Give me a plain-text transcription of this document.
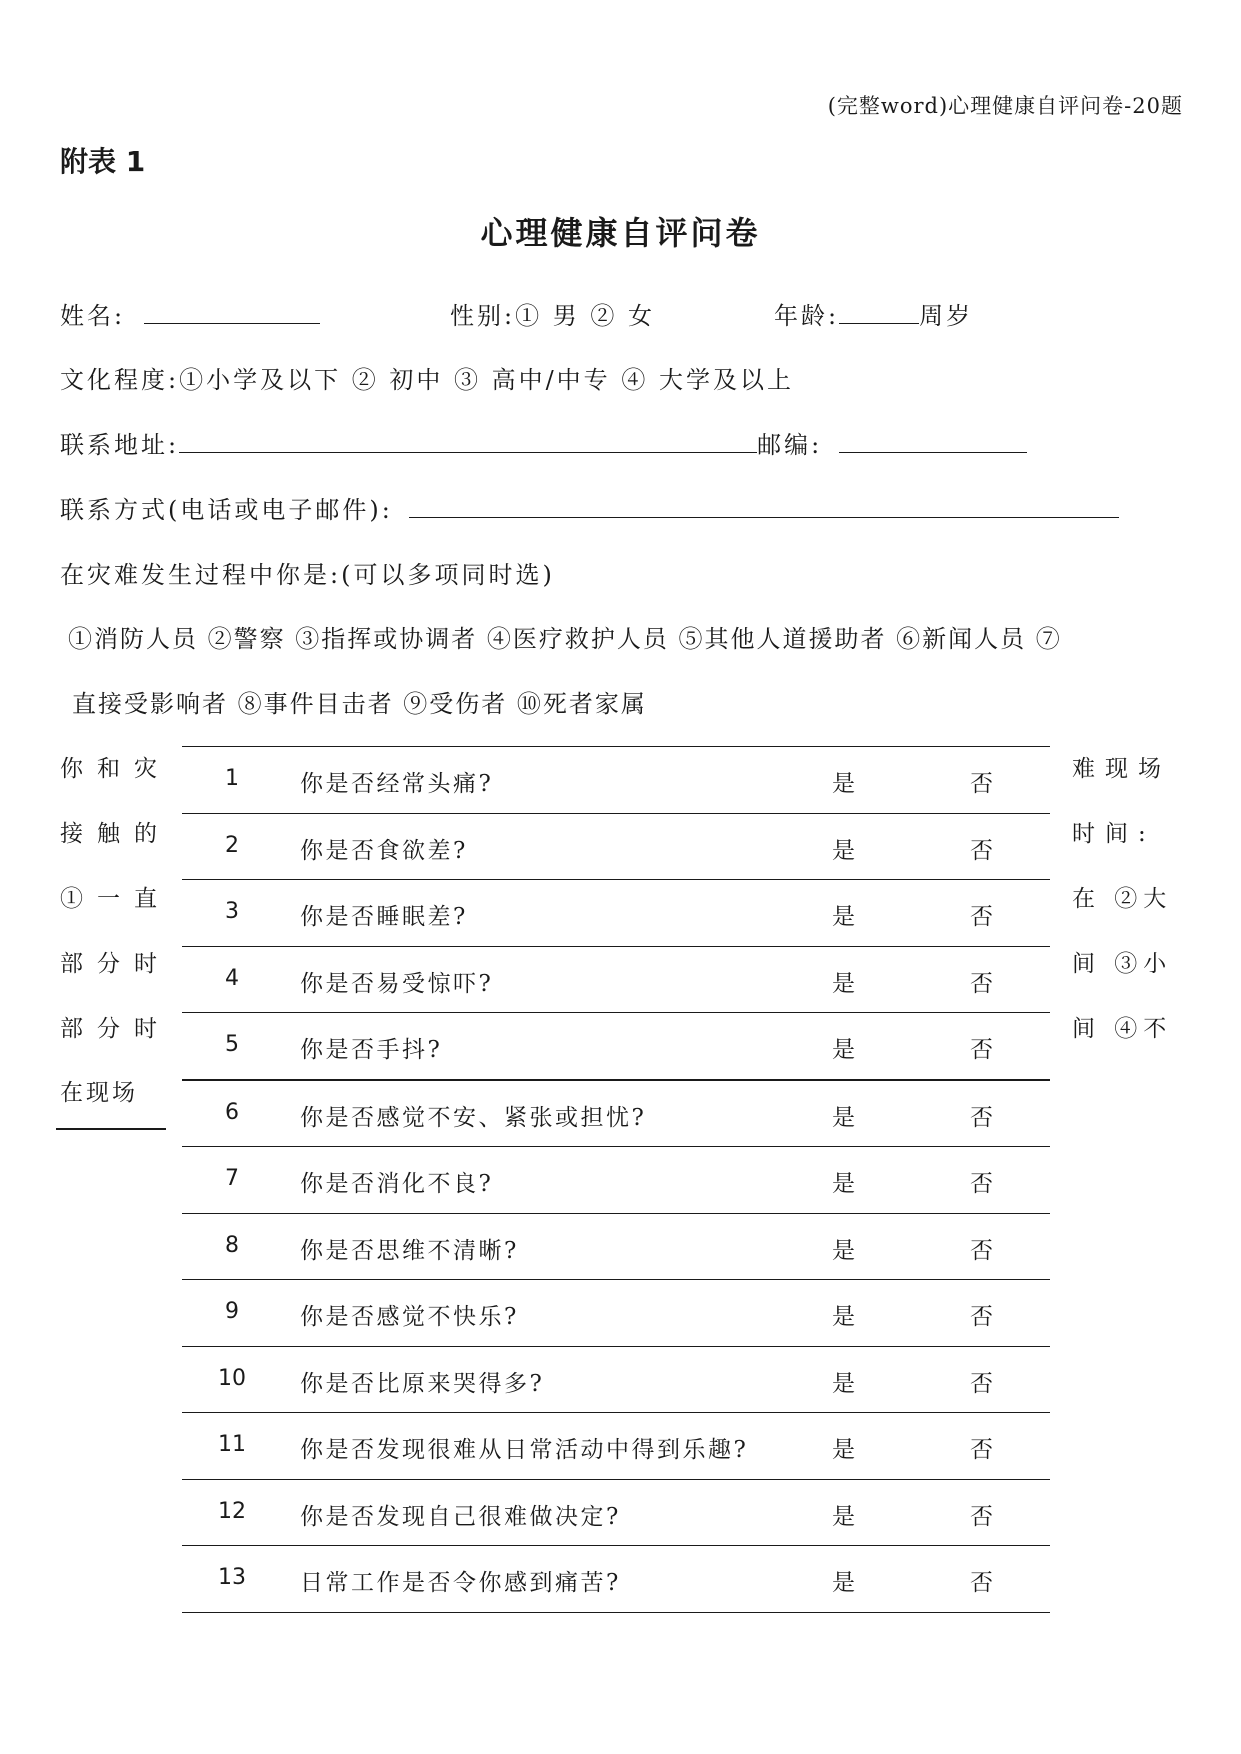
(完整word)心理健康自评问卷-20题
附表 1
心理健康自评问卷
姓名:	性别:① 男 ② 女	年龄:	周岁
文化程度:①小学及以下 ② 初中 ③ 高中/中专 ④ 大学及以上
联系地址:	邮编:
联系方式(电话或电子邮件):
在灾难发生过程中你是:(可以多项同时选)
①消防人员 ②警察 ③指挥或协调者 ④医疗救护人员 ⑤其他人道援助者 ⑥新闻人员 ⑦
直接受影响者 ⑧事件目击者 ⑨受伤者 ⑩死者家属
你和灾
接触的
①一直
部分时
部分时
在现场
难现场
时间:
在 ②大
间 ③小
间 ④不
1	你是否经常头痛?	是	否
2	你是否食欲差?	是	否
3	你是否睡眠差?	是	否
4	你是否易受惊吓?	是	否
5	你是否手抖?	是	否
6	你是否感觉不安、紧张或担忧?	是	否
7	你是否消化不良?	是	否
8	你是否思维不清晰?	是	否
9	你是否感觉不快乐?	是	否
10	你是否比原来哭得多?	是	否
11	你是否发现很难从日常活动中得到乐趣?	是	否
12	你是否发现自己很难做决定?	是	否
13	日常工作是否令你感到痛苦?	是	否
